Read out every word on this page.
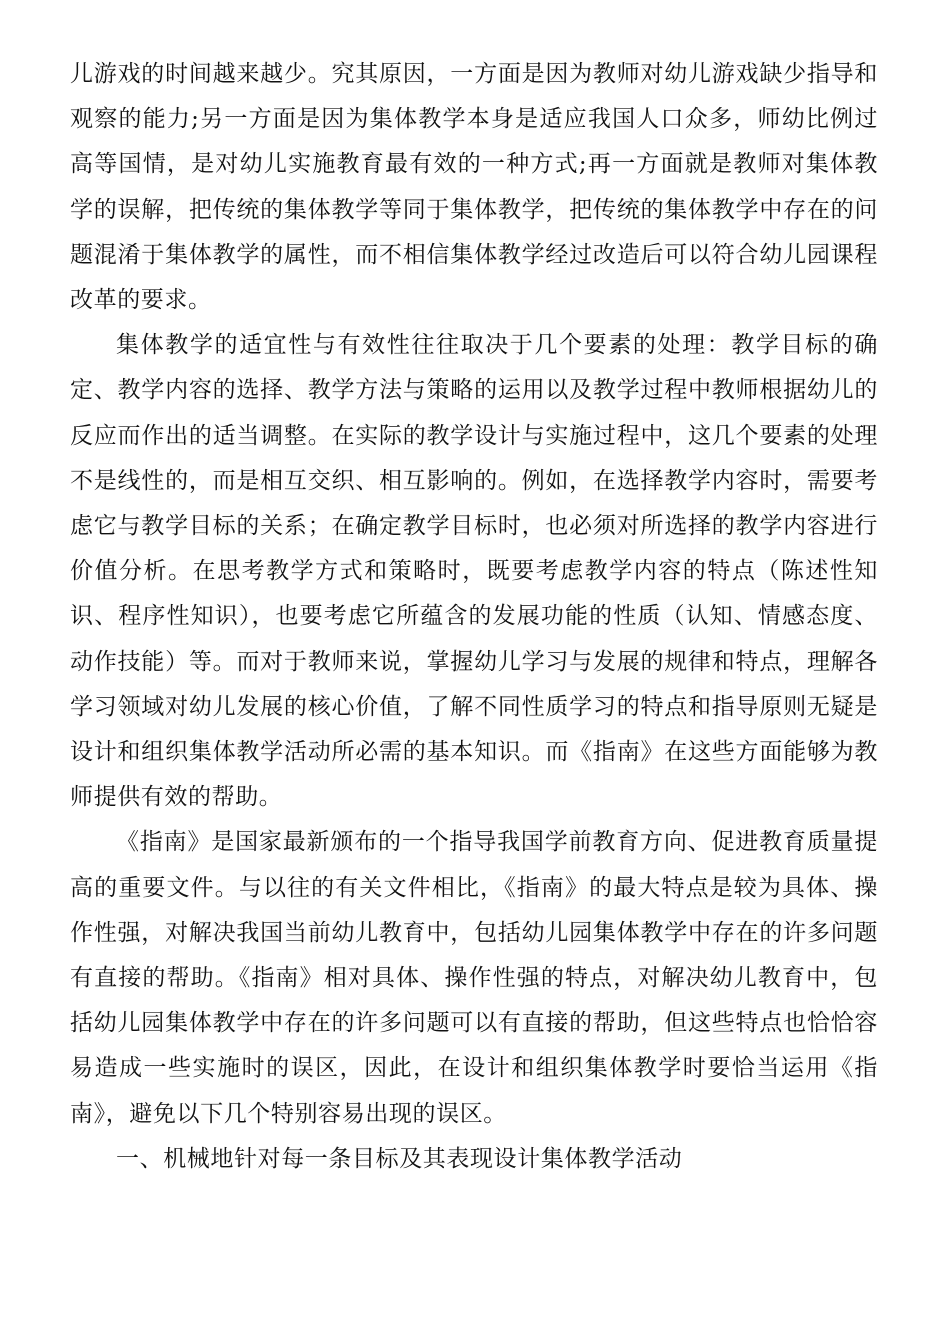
儿游戏的时间越来越少。究其原因，一方面是因为教师对幼儿游戏缺少指导和观察的能力;另一方面是因为集体教学本身是适应我国人口众多，师幼比例过高等国情，是对幼儿实施教育最有效的一种方式;再一方面就是教师对集体教学的误解，把传统的集体教学等同于集体教学，把传统的集体教学中存在的问题混淆于集体教学的属性，而不相信集体教学经过改造后可以符合幼儿园课程改革的要求。

集体教学的适宜性与有效性往往取决于几个要素的处理：教学目标的确定、教学内容的选择、教学方法与策略的运用以及教学过程中教师根据幼儿的反应而作出的适当调整。在实际的教学设计与实施过程中，这几个要素的处理不是线性的，而是相互交织、相互影响的。例如，在选择教学内容时，需要考虑它与教学目标的关系；在确定教学目标时，也必须对所选择的教学内容进行价值分析。在思考教学方式和策略时，既要考虑教学内容的特点（陈述性知识、程序性知识），也要考虑它所蕴含的发展功能的性质（认知、情感态度、动作技能）等。而对于教师来说，掌握幼儿学习与发展的规律和特点，理解各学习领域对幼儿发展的核心价值，了解不同性质学习的特点和指导原则无疑是设计和组织集体教学活动所必需的基本知识。而《指南》在这些方面能够为教师提供有效的帮助。

《指南》是国家最新颁布的一个指导我国学前教育方向、促进教育质量提高的重要文件。与以往的有关文件相比，《指南》的最大特点是较为具体、操作性强，对解决我国当前幼儿教育中，包括幼儿园集体教学中存在的许多问题有直接的帮助。《指南》相对具体、操作性强的特点，对解决幼儿教育中，包括幼儿园集体教学中存在的许多问题可以有直接的帮助，但这些特点也恰恰容易造成一些实施时的误区，因此，在设计和组织集体教学时要恰当运用《指南》，避免以下几个特别容易出现的误区。

一、机械地针对每一条目标及其表现设计集体教学活动
